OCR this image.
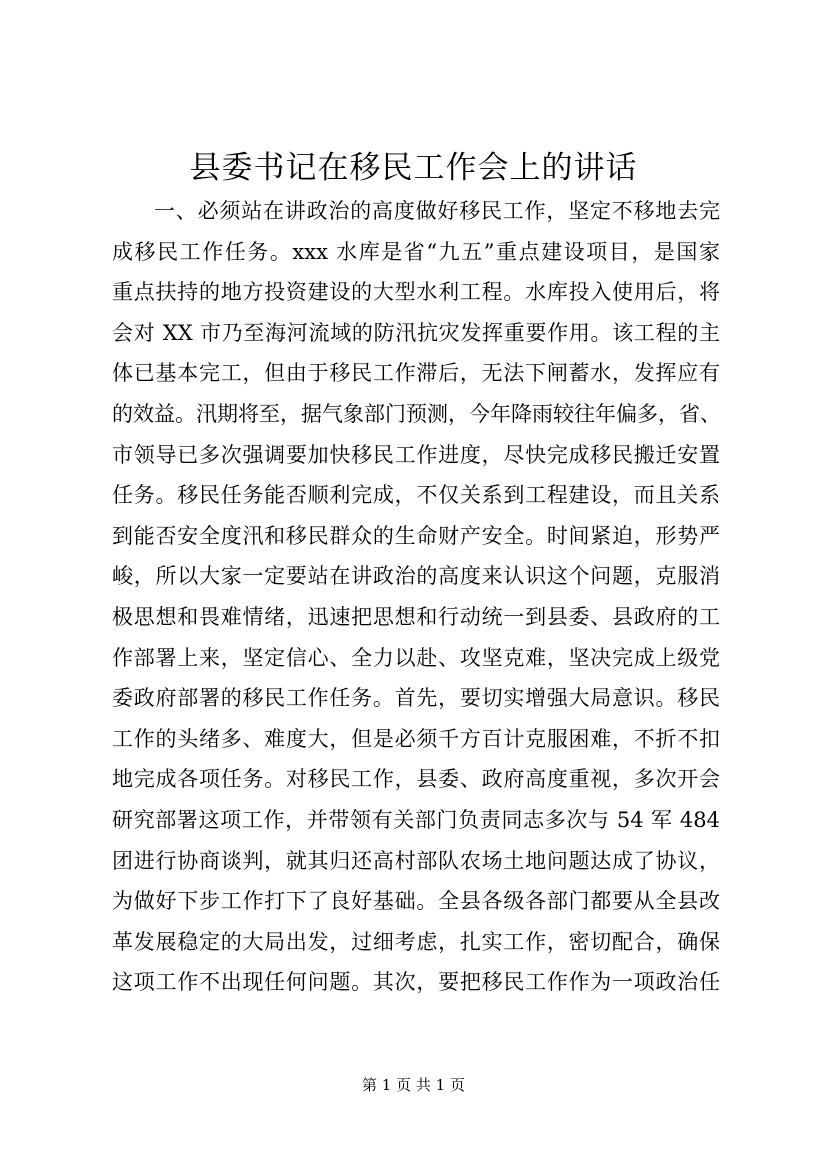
县委书记在移民工作会上的讲话
一、必须站在讲政治的高度做好移民工作，坚定不移地去完
成移民工作任务。xxx 水库是省“九五”重点建设项目，是国家
重点扶持的地方投资建设的大型水利工程。水库投入使用后，将
会对 XX 市乃至海河流域的防汛抗灾发挥重要作用。该工程的主
体已基本完工，但由于移民工作滞后，无法下闸蓄水，发挥应有
的效益。汛期将至，据气象部门预测，今年降雨较往年偏多，省、
市领导已多次强调要加快移民工作进度，尽快完成移民搬迁安置
任务。移民任务能否顺利完成，不仅关系到工程建设，而且关系
到能否安全度汛和移民群众的生命财产安全。时间紧迫，形势严
峻，所以大家一定要站在讲政治的高度来认识这个问题，克服消
极思想和畏难情绪，迅速把思想和行动统一到县委、县政府的工
作部署上来，坚定信心、全力以赴、攻坚克难，坚决完成上级党
委政府部署的移民工作任务。首先，要切实增强大局意识。移民
工作的头绪多、难度大，但是必须千方百计克服困难，不折不扣
地完成各项任务。对移民工作，县委、政府高度重视，多次开会
研究部署这项工作，并带领有关部门负责同志多次与 54 军 484
团进行协商谈判，就其归还高村部队农场土地问题达成了协议，
为做好下步工作打下了良好基础。全县各级各部门都要从全县改
革发展稳定的大局出发，过细考虑，扎实工作，密切配合，确保
这项工作不出现任何问题。其次，要把移民工作作为一项政治任
第 1 页 共 1 页
